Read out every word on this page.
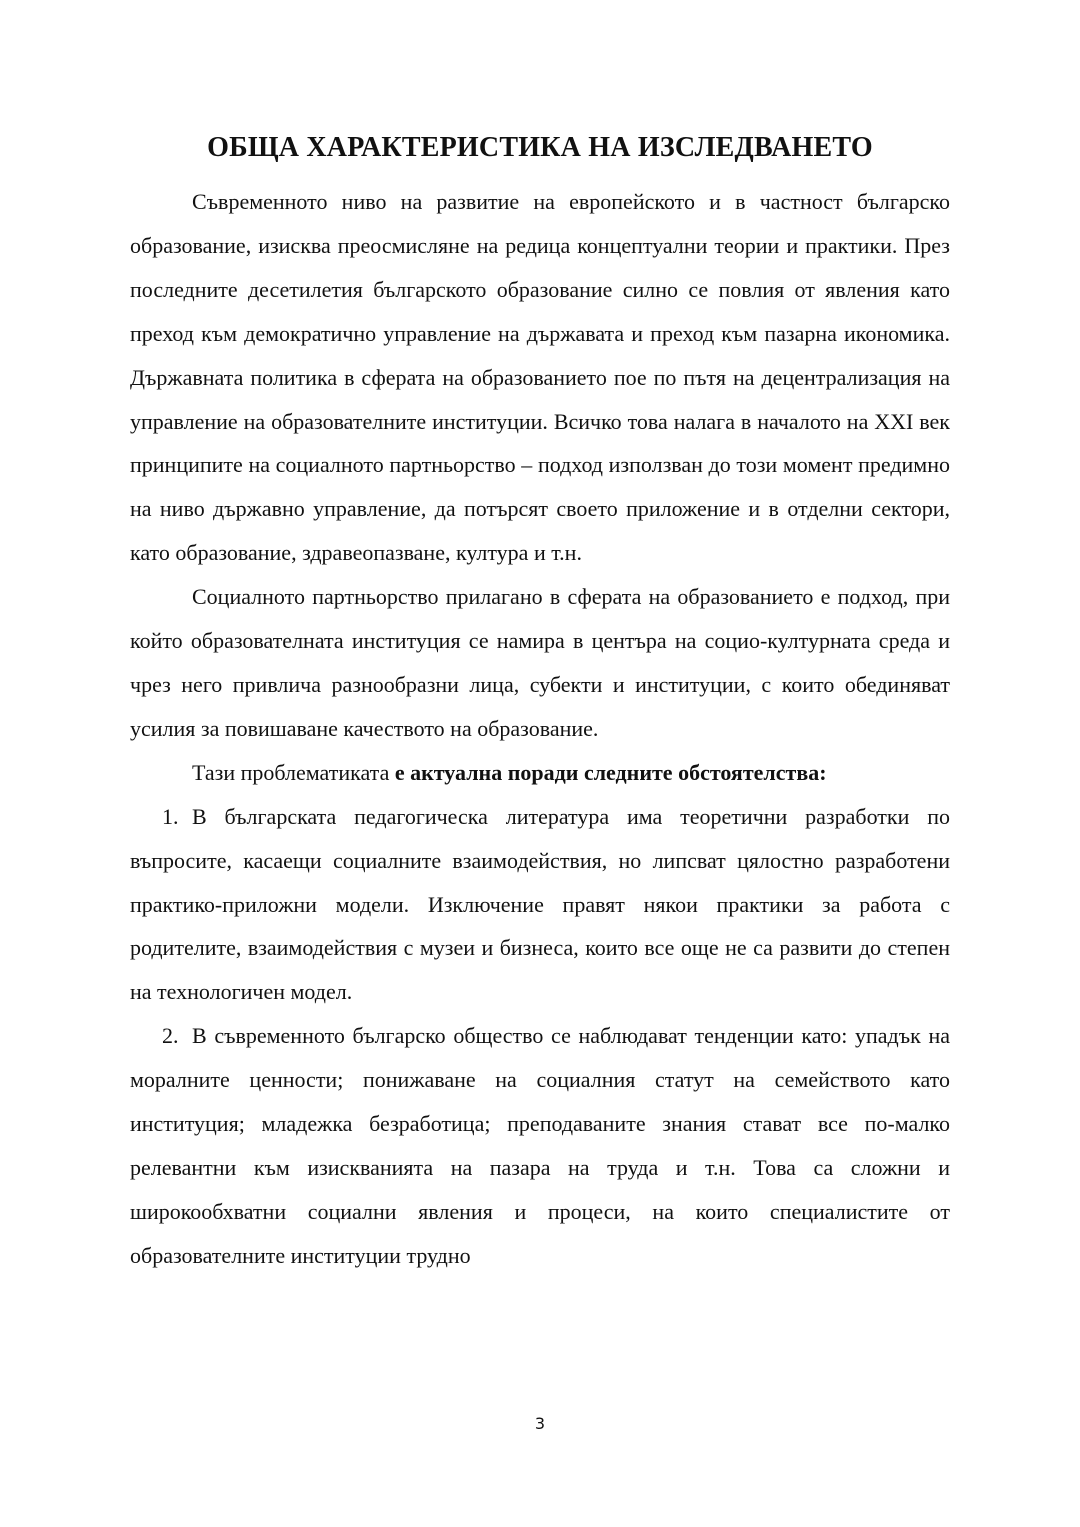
ОБЩА ХАРАКТЕРИСТИКА НА ИЗСЛЕДВАНЕТО

Съвременното ниво на развитие на европейското и в частност българско образование, изисква преосмисляне на редица концептуални теории и практики. През последните десетилетия българското образование силно се повлия от явления като преход към демократично управление на държавата и преход към пазарна икономика. Държавната политика в сферата на образованието пое по пътя на децентрализация на управление на образователните институции. Всичко това налага в началото на XXI век принципите на социалното партньорство – подход използван до този момент предимно на ниво държавно управление, да потърсят своето приложение и в отделни сектори, като образование, здравеопазване, култура и т.н.

Социалното партньорство прилагано в сферата на образованието е подход, при който образователната институция се намира в центъра на социо-културната среда и чрез него привлича разнообразни лица, субекти и институции, с които обединяват усилия за повишаване качеството на образование.

Тази проблематиката е актуална поради следните обстоятелства:

1. В българската педагогическа литература има теоретични разработки по въпросите, касаещи социалните взаимодействия, но липсват цялостно разработени практико-приложни модели. Изключение правят някои практики за работа с родителите, взаимодействия с музеи и бизнеса, които все още не са развити до степен на технологичен модел.

2. В съвременното българско общество се наблюдават тенденции като: упадък на моралните ценности; понижаване на социалния статут на семейството като институция; младежка безработица; преподаваните знания стават все по-малко релевантни към изискванията на пазара на труда и т.н. Това са сложни и широкообхватни социални явления и процеси, на които специалистите от образователните институции трудно

3
